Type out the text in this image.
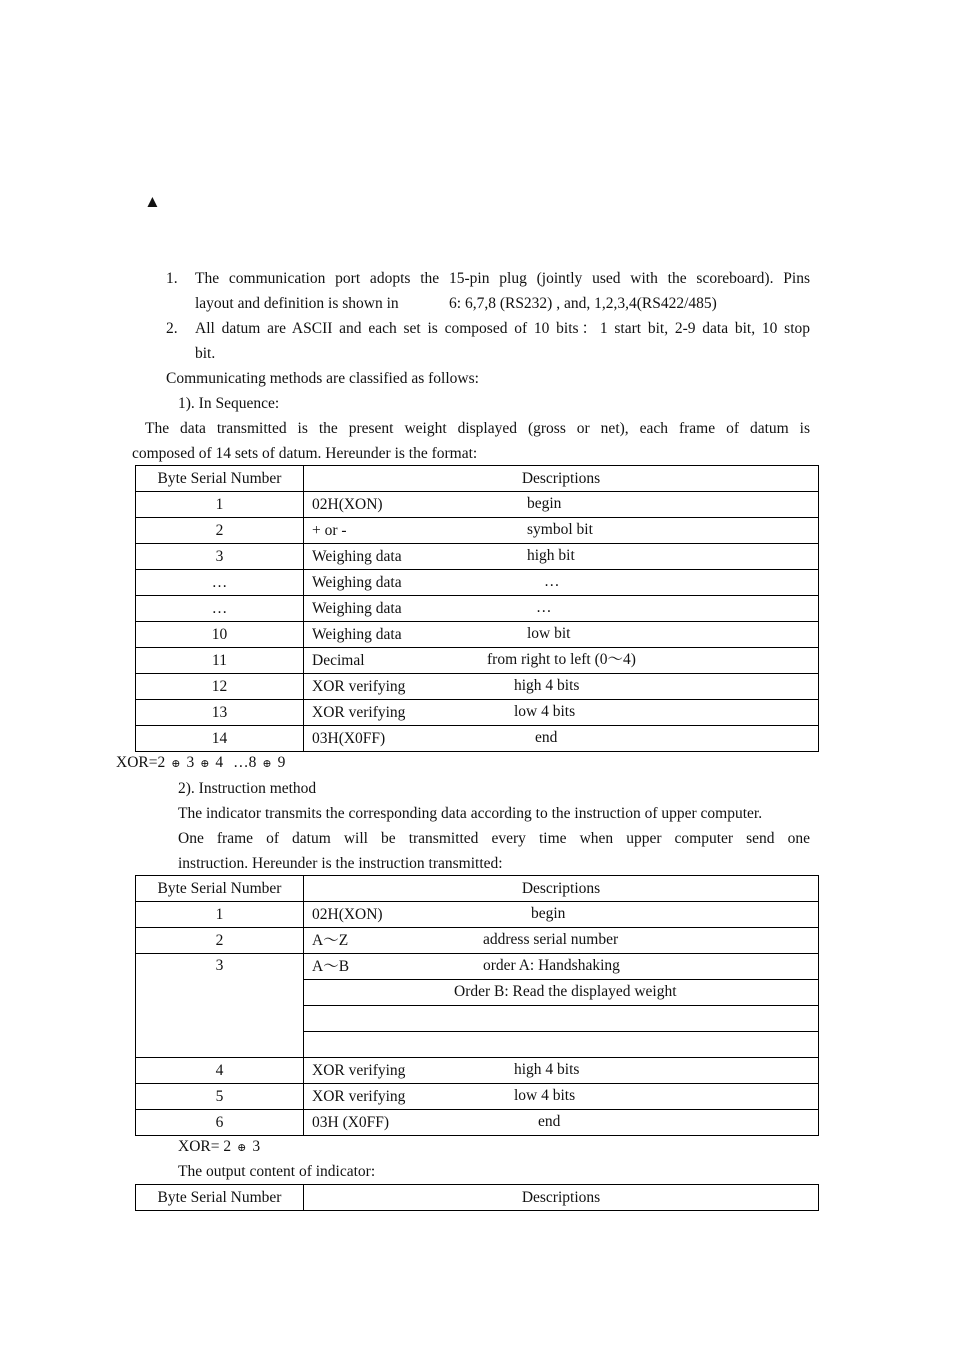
▲
1. The communication port adopts the 15-pin plug (jointly used with the scoreboard). Pins
layout and definition is shown in             6: 6,7,8 (RS232) , and, 1,2,3,4(RS422/485)
2. All datum are ASCII and each set is composed of 10 bits：1 start bit, 2-9 data bit, 10 stop
bit.
Communicating methods are classified as follows:
1). In Sequence:
The data transmitted is the present weight displayed (gross or net), each frame of datum is
composed of 14 sets of datum. Hereunder is the format:
Byte Serial Number	Descriptions
1	02H(XON) begin

2	+ or - symbol bit

3	Weighing data high bit

…	Weighing data …

…	Weighing data …

10	Weighing data low bit

11	Decimal from right to left (0～4)

12	XOR verifying high 4 bits

13	XOR verifying low 4 bits

14	03H(X0FF) end
XOR=2 ⊕ 3 ⊕ 4 …8 ⊕ 9
2). Instruction method
The indicator transmits the corresponding data according to the instruction of upper computer.
One frame of datum will be transmitted every time when upper computer send one
instruction. Hereunder is the instruction transmitted:
Byte Serial Number	Descriptions
1	02H(XON) begin

2	A～Z address serial number

3	A～B order A: Handshaking

	Order B: Read the displayed weight

4	XOR verifying high 4 bits

5	XOR verifying low 4 bits

6	03H (X0FF) end
XOR= 2 ⊕ 3
The output content of indicator:
Byte Serial Number	Descriptions
